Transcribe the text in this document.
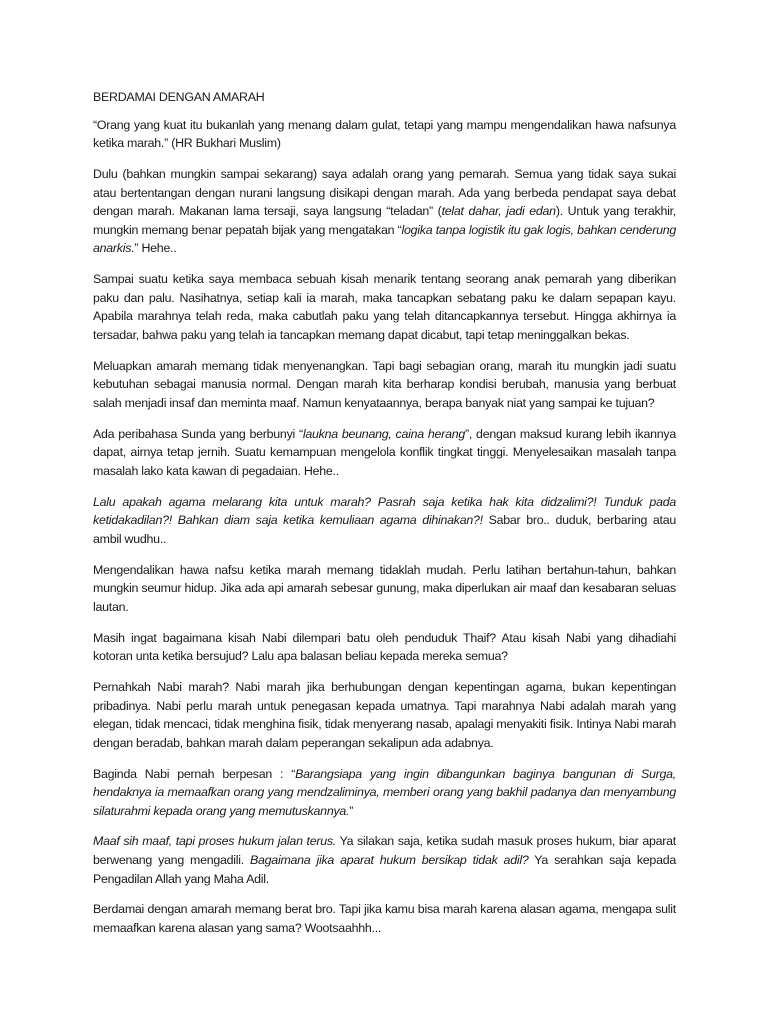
BERDAMAI DENGAN AMARAH

“Orang yang kuat itu bukanlah yang menang dalam gulat, tetapi yang mampu mengendalikan hawa nafsunya ketika marah.” (HR Bukhari Muslim)

Dulu (bahkan mungkin sampai sekarang) saya adalah orang yang pemarah. Semua yang tidak saya sukai atau bertentangan dengan nurani langsung disikapi dengan marah. Ada yang berbeda pendapat saya debat dengan marah. Makanan lama tersaji, saya langsung “teladan” (telat dahar, jadi edan). Untuk yang terakhir, mungkin memang benar pepatah bijak yang mengatakan “logika tanpa logistik itu gak logis, bahkan cenderung anarkis.” Hehe..

Sampai suatu ketika saya membaca sebuah kisah menarik tentang seorang anak pemarah yang diberikan paku dan palu. Nasihatnya, setiap kali ia marah, maka tancapkan sebatang paku ke dalam sepapan kayu. Apabila marahnya telah reda, maka cabutlah paku yang telah ditancapkannya tersebut. Hingga akhirnya ia tersadar, bahwa paku yang telah ia tancapkan memang dapat dicabut, tapi tetap meninggalkan bekas.

Meluapkan amarah memang tidak menyenangkan. Tapi bagi sebagian orang, marah itu mungkin jadi suatu kebutuhan sebagai manusia normal. Dengan marah kita berharap kondisi berubah, manusia yang berbuat salah menjadi insaf dan meminta maaf. Namun kenyataannya, berapa banyak niat yang sampai ke tujuan?

Ada peribahasa Sunda yang berbunyi “laukna beunang, caina herang”, dengan maksud kurang lebih ikannya dapat, airnya tetap jernih. Suatu kemampuan mengelola konflik tingkat tinggi. Menyelesaikan masalah tanpa masalah lako kata kawan di pegadaian. Hehe..

Lalu apakah agama melarang kita untuk marah? Pasrah saja ketika hak kita didzalimi?! Tunduk pada ketidakadilan?! Bahkan diam saja ketika kemuliaan agama dihinakan?! Sabar bro.. duduk, berbaring atau ambil wudhu..

Mengendalikan hawa nafsu ketika marah memang tidaklah mudah. Perlu latihan bertahun-tahun, bahkan mungkin seumur hidup. Jika ada api amarah sebesar gunung, maka diperlukan air maaf dan kesabaran seluas lautan.

Masih ingat bagaimana kisah Nabi dilempari batu oleh penduduk Thaif? Atau kisah Nabi yang dihadiahi kotoran unta ketika bersujud? Lalu apa balasan beliau kepada mereka semua?

Pernahkah Nabi marah? Nabi marah jika berhubungan dengan kepentingan agama, bukan kepentingan pribadinya. Nabi perlu marah untuk penegasan kepada umatnya. Tapi marahnya Nabi adalah marah yang elegan, tidak mencaci, tidak menghina fisik, tidak menyerang nasab, apalagi menyakiti fisik. Intinya Nabi marah dengan beradab, bahkan marah dalam peperangan sekalipun ada adabnya.

Baginda Nabi pernah berpesan : “Barangsiapa yang ingin dibangunkan baginya bangunan di Surga, hendaknya ia memaafkan orang yang mendzaliminya, memberi orang yang bakhil padanya dan menyambung silaturahmi kepada orang yang memutuskannya.”

Maaf sih maaf, tapi proses hukum jalan terus. Ya silakan saja, ketika sudah masuk proses hukum, biar aparat berwenang yang mengadili. Bagaimana jika aparat hukum bersikap tidak adil? Ya serahkan saja kepada Pengadilan Allah yang Maha Adil.

Berdamai dengan amarah memang berat bro. Tapi jika kamu bisa marah karena alasan agama, mengapa sulit memaafkan karena alasan yang sama? Wootsaahhh...
